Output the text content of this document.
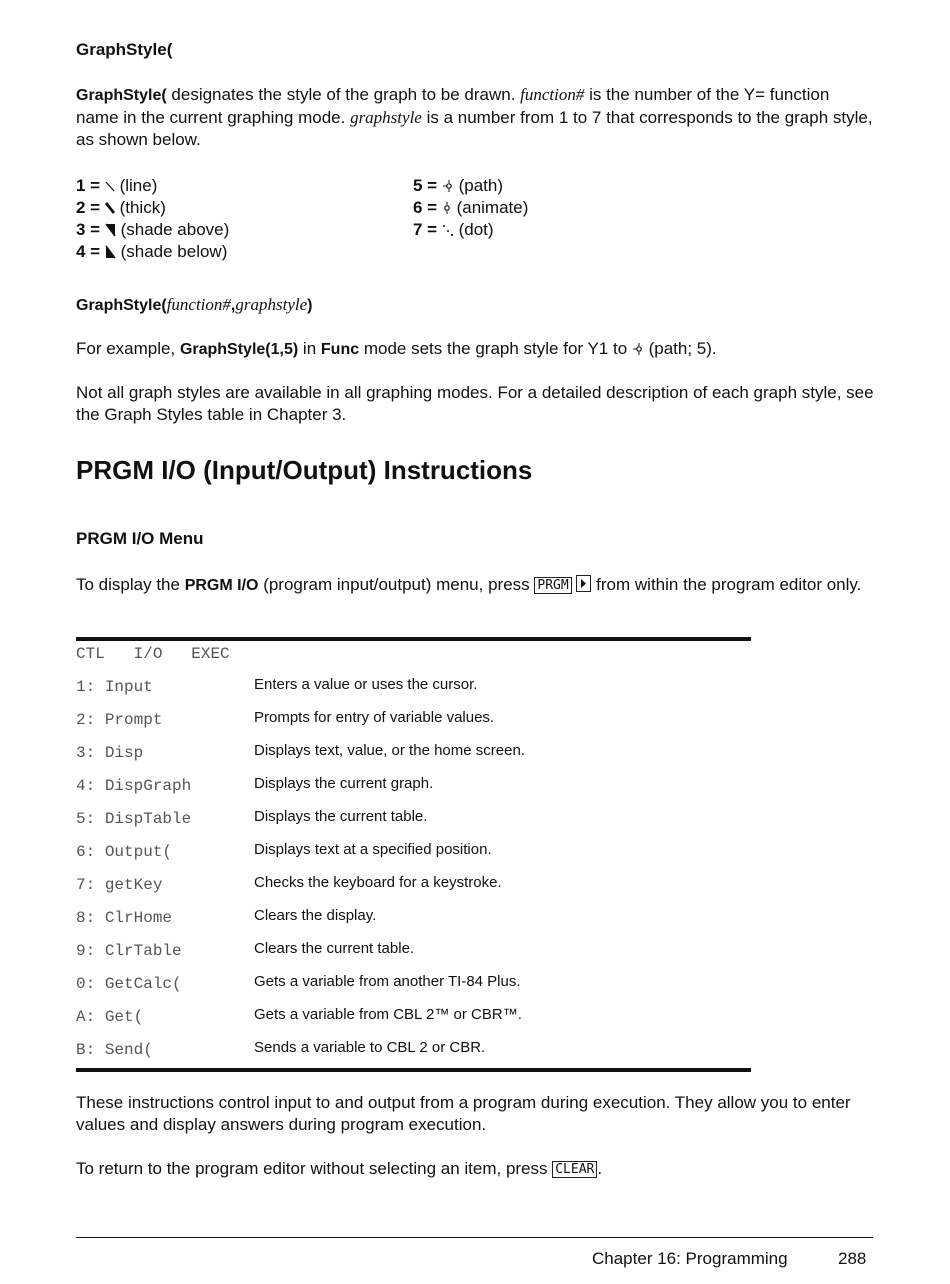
GraphStyle(
GraphStyle( designates the style of the graph to be drawn. function# is the number of the Y= function name in the current graphing mode. graphstyle is a number from 1 to 7 that corresponds to the graph style, as shown below.
1 = (line)
2 = (thick)
3 = (shade above)
4 = (shade below)
5 = (path)
6 = (animate)
7 = (dot)
GraphStyle(function#,graphstyle)
For example, GraphStyle(1,5) in Func mode sets the graph style for Y1 to  (path; 5).
Not all graph styles are available in all graphing modes. For a detailed description of each graph style, see the Graph Styles table in Chapter 3.
PRGM I/O (Input/Output) Instructions
PRGM I/O Menu
To display the PRGM I/O (program input/output) menu, press PRGM
from within the program editor only.
CTL I/O EXEC
1: Input	Enters a value or uses the cursor.
2: Prompt	Prompts for entry of variable values.
3: Disp	Displays text, value, or the home screen.
4: DispGraph	Displays the current graph.
5: DispTable	Displays the current table.
6: Output(	Displays text at a specified position.
7: getKey	Checks the keyboard for a keystroke.
8: ClrHome	Clears the display.
9: ClrTable	Clears the current table.
0: GetCalc(	Gets a variable from another TI-84 Plus.
A: Get(	Gets a variable from CBL 2™ or CBR™.
B: Send(	Sends a variable to CBL 2 or CBR.
These instructions control input to and output from a program during execution. They allow you to enter values and display answers during program execution.
To return to the program editor without selecting an item, press CLEAR .
Chapter 16: Programming	288
